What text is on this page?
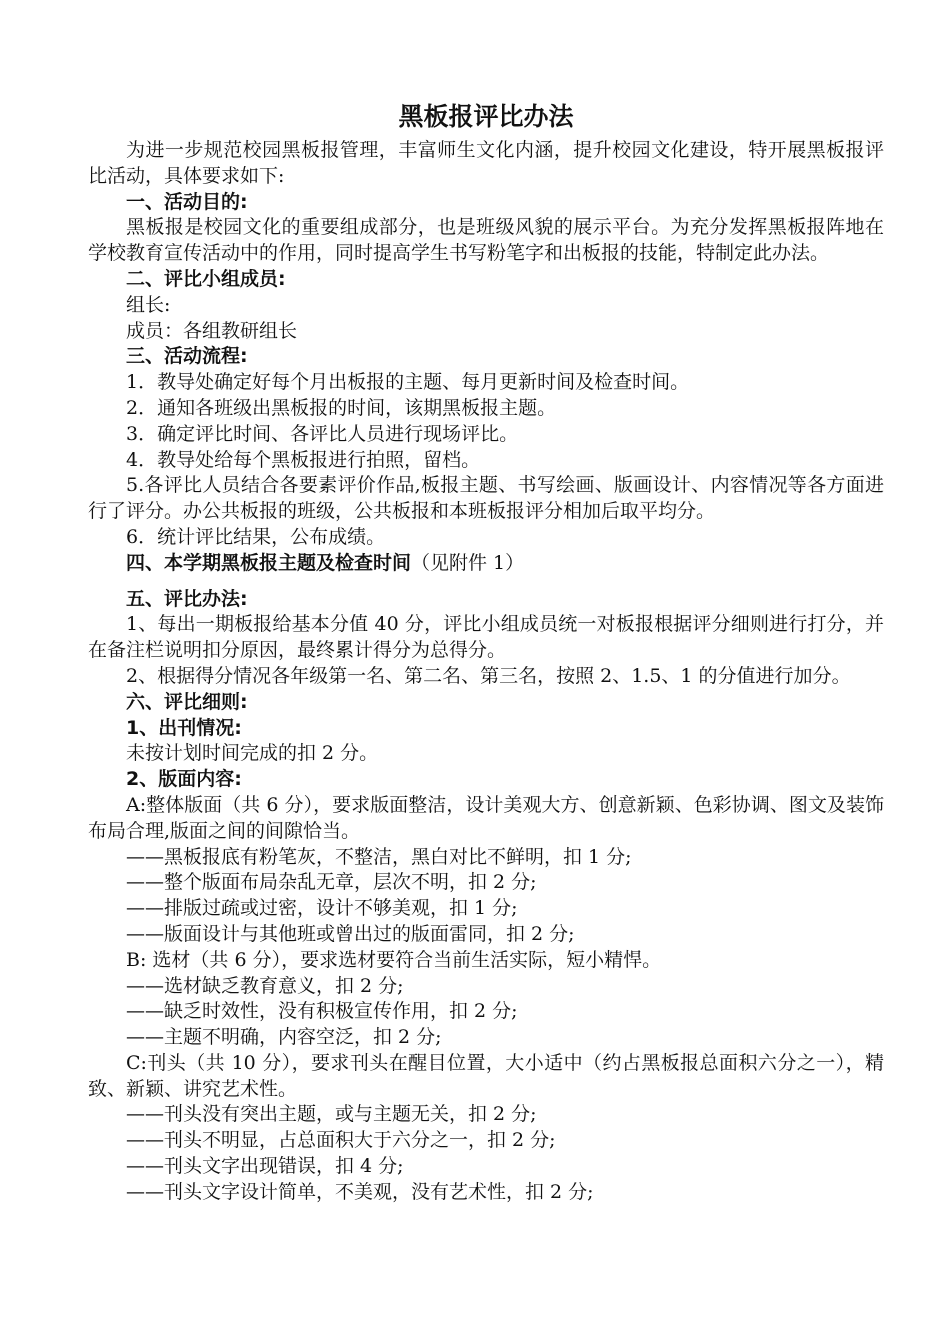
黑板报评比办法

为进一步规范校园黑板报管理，丰富师生文化内涵，提升校园文化建设，特开展黑板报评比活动，具体要求如下:

一、活动目的:

黑板报是校园文化的重要组成部分，也是班级风貌的展示平台。为充分发挥黑板报阵地在学校教育宣传活动中的作用，同时提高学生书写粉笔字和出板报的技能，特制定此办法。

二、评比小组成员:

组长:

成员：各组教研组长

三、活动流程:

1．教导处确定好每个月出板报的主题、每月更新时间及检查时间。

2．通知各班级出黑板报的时间，该期黑板报主题。

3．确定评比时间、各评比人员进行现场评比。

4．教导处给每个黑板报进行拍照，留档。

5.各评比人员结合各要素评价作品,板报主题、书写绘画、版画设计、内容情况等各方面进行了评分。办公共板报的班级，公共板报和本班板报评分相加后取平均分。

6．统计评比结果，公布成绩。

四、本学期黑板报主题及检查时间（见附件 1）

五、评比办法:

1、每出一期板报给基本分值 40 分，评比小组成员统一对板报根据评分细则进行打分，并在备注栏说明扣分原因，最终累计得分为总得分。

2、根据得分情况各年级第一名、第二名、第三名，按照 2、1.5、1 的分值进行加分。

六、评比细则:

1、出刊情况:

未按计划时间完成的扣 2 分。

2、版面内容:

A:整体版面（共 6 分），要求版面整洁，设计美观大方、创意新颖、色彩协调、图文及装饰布局合理,版面之间的间隙恰当。

——黑板报底有粉笔灰，不整洁，黑白对比不鲜明，扣 1 分;

——整个版面布局杂乱无章，层次不明，扣 2 分;

——排版过疏或过密，设计不够美观，扣 1 分;

——版面设计与其他班或曾出过的版面雷同，扣 2 分;

B: 选材（共 6 分），要求选材要符合当前生活实际，短小精悍。

——选材缺乏教育意义，扣 2 分;

——缺乏时效性，没有积极宣传作用，扣 2 分;

——主题不明确，内容空泛，扣 2 分;

C:刊头（共 10 分），要求刊头在醒目位置，大小适中（约占黑板报总面积六分之一），精致、新颖、讲究艺术性。

——刊头没有突出主题，或与主题无关，扣 2 分;

——刊头不明显，占总面积大于六分之一，扣 2 分;

——刊头文字出现错误，扣 4 分;

——刊头文字设计简单，不美观，没有艺术性，扣 2 分;
